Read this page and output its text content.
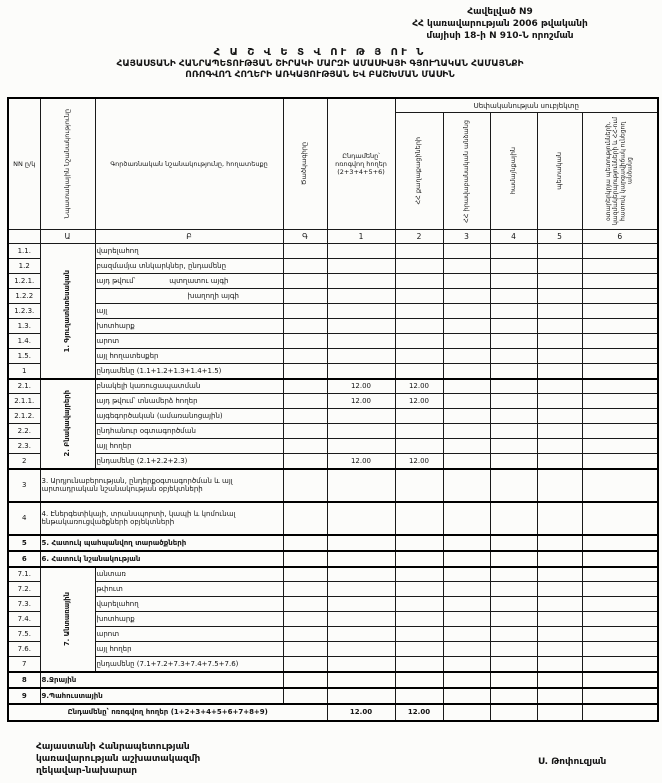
Հավելված N9
ՀՀ կառավարության 2006 թվականի
մայիսի 18-ի N 910-Ն որոշման
Հ Ա Շ Վ Ե Տ Վ ՈՒ Թ Յ ՈՒ Ն
ՀԱՅԱՍՏԱՆԻ ՀԱՆՐԱՊԵՏՈՒԹՅԱՆ ՇԻՐԱԿԻ ՄԱՐԶԻ ԱՄԱՍԻԱՅԻ ԳՅՈՒՂԱԿԱՆ ՀԱՄԱՅՆՔԻ
ՈՌՈԳՎՈՂ ՀՈՂԵՐԻ ԱՌԿԱՅՈՒԹՅԱՆ ԵՎ ԲԱՇԽՄԱՆ ՄԱՍԻՆ
NN ը/կ	Նպատակային նշանակությունը	Գործառնական նշանակությունը, հողատեսքը	Ծածկագիրը	Ընդամենը՝ ոռոգվող հողեր (2+3+4+5+6)	Սեփականության սուբյեկտը				

					ՀՀ քաղաքացիների	ՀՀ իրավաբանական անձանց	համայնքային	պետական	օտարերկրյա պետությունների, կազմակերպությունների և ՀՀ-ում հատուկ կարգավիճակ ունեցող անձանց

	Ա	Բ	Գ	1	2	3	4	5	6
1.1.	1. Գյուղատնտեսական	վարելահող							
1.2		բազմամյա տնկարկներ, ընդամենը							
1.2.1.		այդ թվում՝ պտղատու այգի							
1.2.2		խաղողի այգի							
1.2.3.		այլ							
1.3.		խոտհարք							
1.4.		արոտ							
1.5.		այլ հողատեսքեր							
1		ընդամենը (1.1+1.2+1.3+1.4+1.5)							
2.1.	2. Բնակավայրերի	բնակելի կառուցապատման		12.00	12.00				
2.1.1.		այդ թվում՝ տնամերձ հողեր		12.00	12.00				
2.1.2.		այգեգործական (ամառանոցային)							
2.2.		ընդհանուր օգտագործման							
2.3.		այլ հողեր							
2		ընդամենը (2.1+2.2+2.3)		12.00	12.00				
3	3. Արդյունաբերության, ընդերքօգտագործման և այլ արտադրական նշանակության օբյեկտների								
4	4. Էներգետիկայի, տրանսպորտի, կապի և կոմունալ ենթակառուցվածքների օբյեկտների								
5	5. Հատուկ պահպանվող տարածքների								
6	6. Հատուկ նշանակության								
7.1.	7. Անտառային	անտառ							
7.2.		թփուտ							
7.3.		վարելահող							
7.4.		խոտհարք							
7.5.		արոտ							
7.6.		այլ հողեր							
7		ընդամենը (7.1+7.2+7.3+7.4+7.5+7.6)							
8	8.Ջրային								
9	9.Պահուստային								
Ընդամենը՝ ոռոգվող հողեր (1+2+3+4+5+6+7+8+9)				12.00	12.00				
Հայաստանի Հանրապետության
կառավարության աշխատակազմի
ղեկավար-նախարար
Ս. Թոփուզյան
